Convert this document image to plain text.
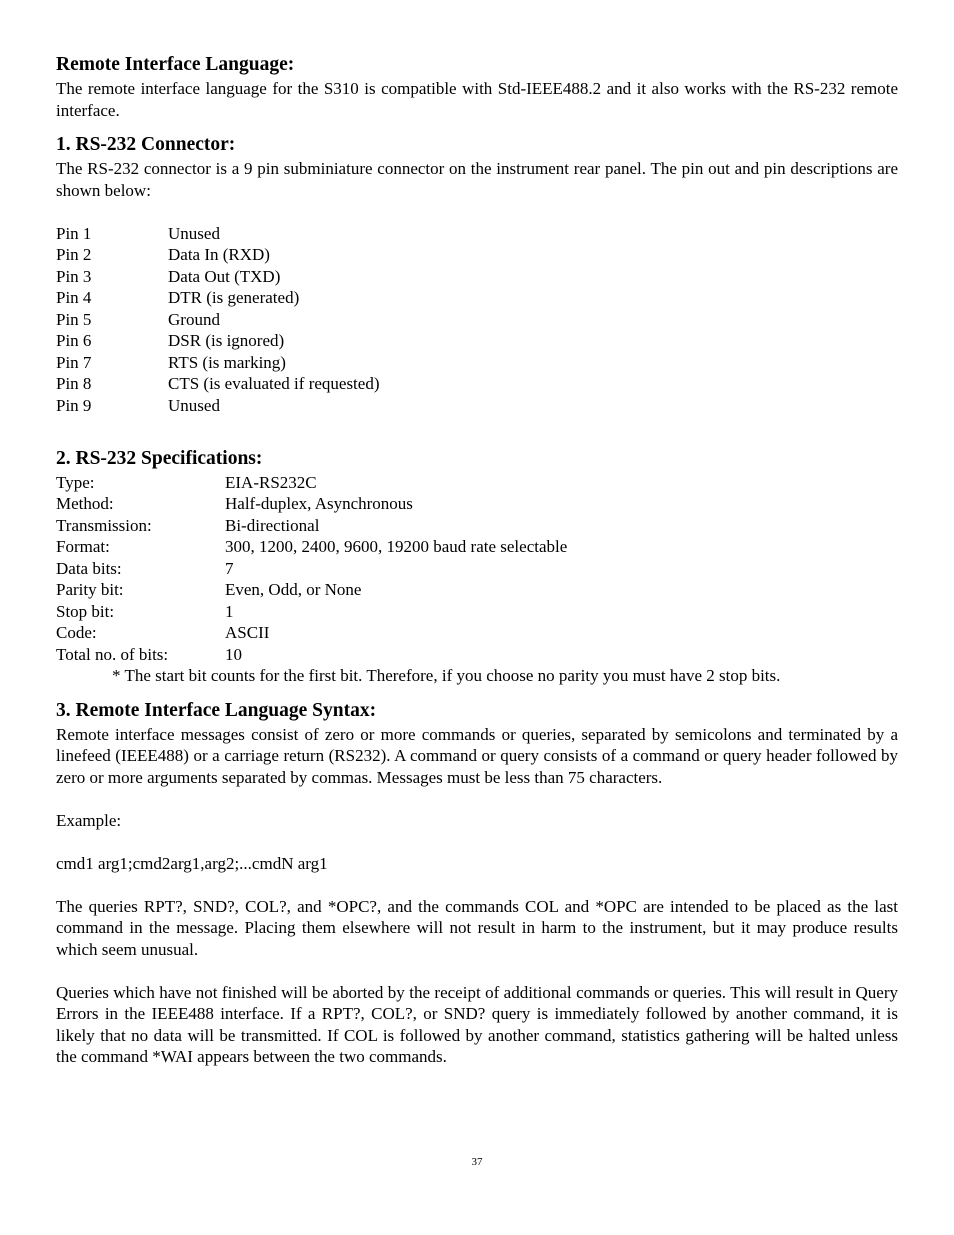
Remote Interface Language:

The remote interface language for the S310 is compatible with Std-IEEE488.2 and it also works with the RS-232 remote interface.

1. RS-232 Connector:

The RS-232 connector is a 9 pin subminiature connector on the instrument rear panel. The pin out and pin descriptions are shown below:

Pin 1	Unused
Pin 2	Data In (RXD)
Pin 3	Data Out (TXD)
Pin 4	DTR (is generated)
Pin 5	Ground
Pin 6	DSR (is ignored)
Pin 7	RTS (is marking)
Pin 8	CTS (is evaluated if requested)
Pin 9	Unused
2. RS-232 Specifications:
Type:	EIA-RS232C
Method:	Half-duplex, Asynchronous
Transmission:	Bi-directional
Format:	300, 1200, 2400, 9600, 19200 baud rate selectable
Data bits:	7
Parity bit:	Even, Odd, or None
Stop bit:	1
Code:	ASCII
Total no. of bits:	10

* The start bit counts for the first bit. Therefore, if you choose no parity you must have 2 stop bits.

3. Remote Interface Language Syntax:

Remote interface messages consist of zero or more commands or queries, separated by semicolons and terminated by a linefeed (IEEE488) or a carriage return (RS232). A command or query consists of a command or query header followed by zero or more arguments separated by commas. Messages must be less than 75 characters.

Example:

cmd1 arg1;cmd2arg1,arg2;...cmdN arg1

The queries RPT?, SND?, COL?, and *OPC?, and the commands COL and *OPC are intended to be placed as the last command in the message. Placing them elsewhere will not result in harm to the instrument, but it may produce results which seem unusual.

Queries which have not finished will be aborted by the receipt of additional commands or queries. This will result in Query Errors in the IEEE488 interface. If a RPT?, COL?, or SND? query is immediately followed by another command, it is likely that no data will be transmitted. If COL is followed by another command, statistics gathering will be halted unless the command *WAI appears between the two commands.

37
